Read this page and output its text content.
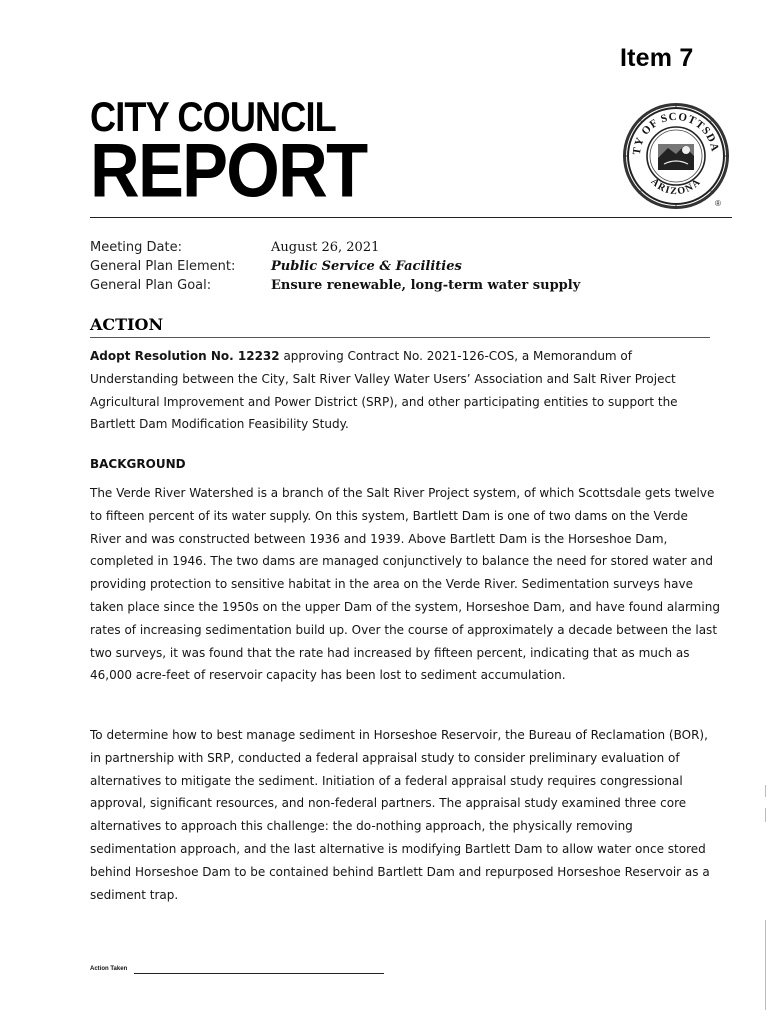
Item 7
CITY COUNCIL
REPORT	TY OF SCOTTSDA
ARIZONA
®
Meeting Date:	August 26, 2021
General Plan Element:	Public Service & Facilities
General Plan Goal:	Ensure renewable, long-term water supply
ACTION
Adopt Resolution No. 12232 approving Contract No. 2021-126-COS, a Memorandum of Understanding between the City, Salt River Valley Water Users’ Association and Salt River Project Agricultural Improvement and Power District (SRP), and other participating entities to support the Bartlett Dam Modification Feasibility Study.
BACKGROUND
The Verde River Watershed is a branch of the Salt River Project system, of which Scottsdale gets twelve to fifteen percent of its water supply. On this system, Bartlett Dam is one of two dams on the Verde River and was constructed between 1936 and 1939. Above Bartlett Dam is the Horseshoe Dam, completed in 1946. The two dams are managed conjunctively to balance the need for stored water and providing protection to sensitive habitat in the area on the Verde River. Sedimentation surveys have taken place since the 1950s on the upper Dam of the system, Horseshoe Dam, and have found alarming rates of increasing sedimentation build up. Over the course of approximately a decade between the last two surveys, it was found that the rate had increased by fifteen percent, indicating that as much as 46,000 acre-feet of reservoir capacity has been lost to sediment accumulation.
To determine how to best manage sediment in Horseshoe Reservoir, the Bureau of Reclamation (BOR), in partnership with SRP, conducted a federal appraisal study to consider preliminary evaluation of alternatives to mitigate the sediment. Initiation of a federal appraisal study requires congressional approval, significant resources, and non-federal partners. The appraisal study examined three core alternatives to approach this challenge: the do-nothing approach, the physically removing sedimentation approach, and the last alternative is modifying Bartlett Dam to allow water once stored behind Horseshoe Dam to be contained behind Bartlett Dam and repurposed Horseshoe Reservoir as a sediment trap.
Action Taken
